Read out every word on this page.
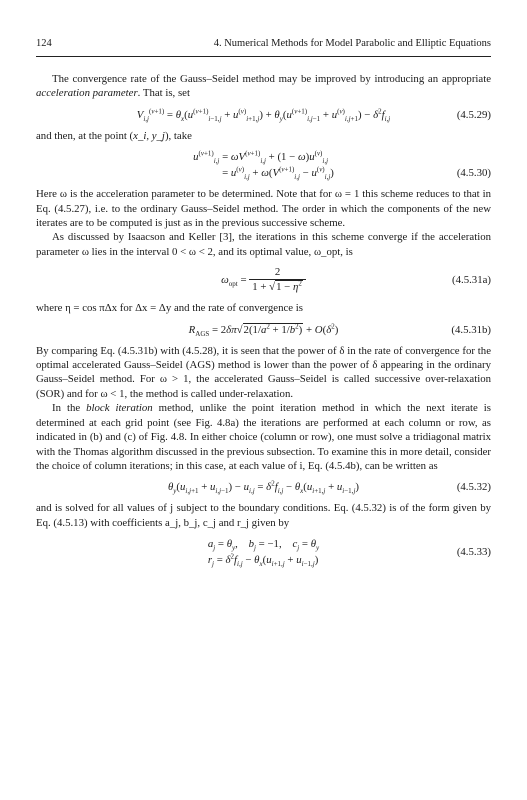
124	4. Numerical Methods for Model Parabolic and Elliptic Equations

The convergence rate of the Gauss–Seidel method may be improved by introducing an appropriate acceleration parameter. That is, set

$V_{i,j}^{(\nu+1)} = \theta_x(u^{(\nu+1)}_{i-1,j} + u^{(\nu)}_{i+1,j}) + \theta_y(u^{(\nu+1)}_{i,j-1} + u^{(\nu)}_{i,j+1}) - \delta^2f_{i,j}$	(4.5.29)

and then, at the point (x_i, y_j), take

$u^{(\nu+1)}_{i,j} = \omega V^{(\nu+1)}_{i,j} + (1 - \omega)u^{(\nu)}_{i,j}$
= $u^{(\nu)}_{i,j} + \omega(V^{(\nu+1)}_{i,j} - u^{(\nu)}_{i,j})$	(4.5.30)

Here ω is the acceleration parameter to be determined. Note that for ω = 1 this scheme reduces to that in Eq. (4.5.27), i.e. to the ordinary Gauss–Seidel method. The order in which the components of the new iterates are to be computed is just as in the previous successive scheme.

As discussed by Isaacson and Keller [3], the iterations in this scheme converge if the acceleration parameter ω lies in the interval 0 < ω < 2, and its optimal value, ω_opt, is

$\omega_{opt} = \frac{2}{1 + √1 - \eta^2}$	(4.5.31a)

where η = cos πΔx for Δx = Δy and the rate of convergence is

$R_{AGS} = 2\delta\pi√2(1/a^2 + 1/b^2) + O(\delta^2)$	(4.5.31b)

By comparing Eq. (4.5.31b) with (4.5.28), it is seen that the power of δ in the rate of convergence for the optimal accelerated Gauss–Seidel (AGS) method is lower than the power of δ appearing in the ordinary Gauss–Seidel method. For ω > 1, the accelerated Gauss–Seidel is called successive over-relaxation (SOR) and for ω < 1, the method is called under-relaxation.

In the block iteration method, unlike the point iteration method in which the next iterate is determined at each grid point (see Fig. 4.8a) the iterations are performed at each column or row, as indicated in (b) and (c) of Fig. 4.8. In either choice (column or row), one must solve a tridiagonal matrix with the Thomas algorithm discussed in the previous subsection. To examine this in more detail, consider the choice of column iterations; in this case, at each value of i, Eq. (4.5.4b), can be written as

$\theta_y(u_{i,j+1} + u_{i,j-1}) - u_{i,j} = \delta^2f_{i,j} - \theta_x(u_{i+1,j} + u_{i-1,j})$	(4.5.32)

and is solved for all values of j subject to the boundary conditions. Eq. (4.5.32) is of the form given by Eq. (4.5.13) with coefficients a_j, b_j, c_j and r_j given by

$a_j = \theta_y$,    $b_j = -1$,    $c_j = \theta_y$
$r_j = \delta^2f_{i,j} - \theta_x(u_{i+1,j} + u_{i-1,j})$
(4.5.33)
